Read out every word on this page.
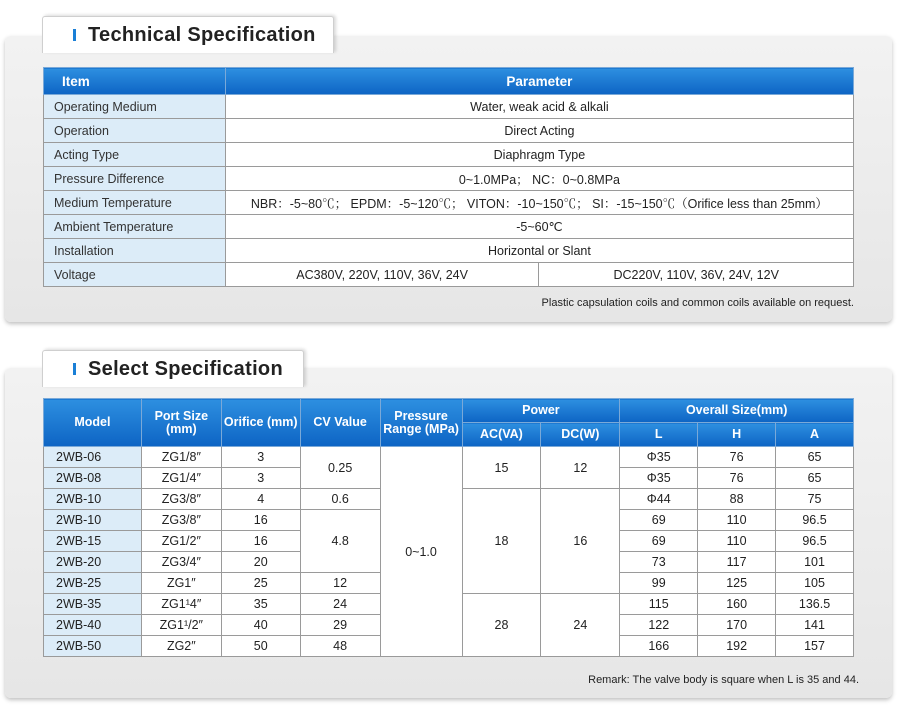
Technical Specification
Item	Parameter	
Operating Medium	Water, weak acid & alkali	
Operation	Direct Acting	
Acting Type	Diaphragm Type	
Pressure Difference	0~1.0MPa； NC：0~0.8MPa	
Medium Temperature	NBR：-5~80℃； EPDM：-5~120℃； VITON：-10~150℃； SI：-15~150℃（Orifice less than 25mm）	
Ambient Temperature	-5~60℃	
Installation	Horizontal or Slant	
Voltage	AC380V, 220V, 110V, 36V, 24V	DC220V, 110V, 36V, 24V, 12V
Plastic capsulation coils and common coils available on request.
Select Specification
Model	Port Size (mm)	Orifice (mm)	CV Value	Pressure Range (MPa)	Power		Overall Size(mm)		
					AC(VA)	DC(W)	L	H	A
2WB-06	ZG1/8″	3	0.25	0~1.0	15	12	Φ35	76	65
2WB-08	ZG1/4″	3					Φ35	76	65
2WB-10	ZG3/8″	4	0.6		18	16	Φ44	88	75
2WB-10	ZG3/8″	16	4.8				69	110	96.5
2WB-15	ZG1/2″	16					69	110	96.5
2WB-20	ZG3/4″	20					73	117	101
2WB-25	ZG1″	25	12				99	125	105
2WB-35	ZG1¹4″	35	24		28	24	115	160	136.5
2WB-40	ZG1¹/2″	40	29				122	170	141
2WB-50	ZG2″	50	48				166	192	157
Remark: The valve body is square when L is 35 and 44.
